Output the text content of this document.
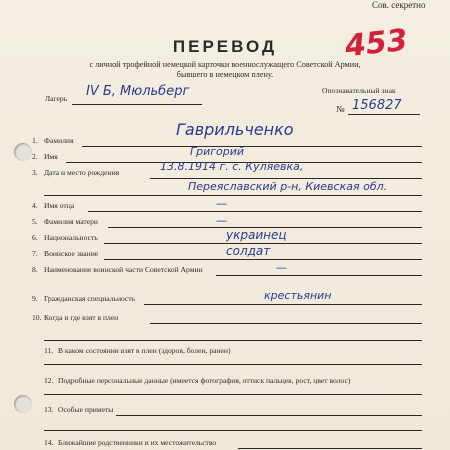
Сов. секретно
453
ПЕРЕВОД
с личной трофейной немецкой карточки военнослужащего Советской Армии,
бывшего в немецком плену.
Лагерь IV Б, Мюльберг	Опознавательный знак
№ 156827
1. Фамилия
Гаврильченко
2. Имя	Григорий
3. Дата и место рождения	13.8.1914 г. с. Куляевка,
Переяславский р-н, Киевская обл.
4. Имя отца	—
5. Фамилия матери	—
6. Национальность	украинец
7. Воинское звание	солдат
8. Наименование воинской части Советской Армии	—
9. Гражданская специальность	крестьянин
10. Когда и где взят в плен
11. В каком состоянии взят в плен (здоров, болен, ранен)
12. Подробные персональные данные (имеется фотография, оттиск пальцев, рост, цвет волос)
13. Особые приметы
14. Ближайшие родственники и их местожительство
